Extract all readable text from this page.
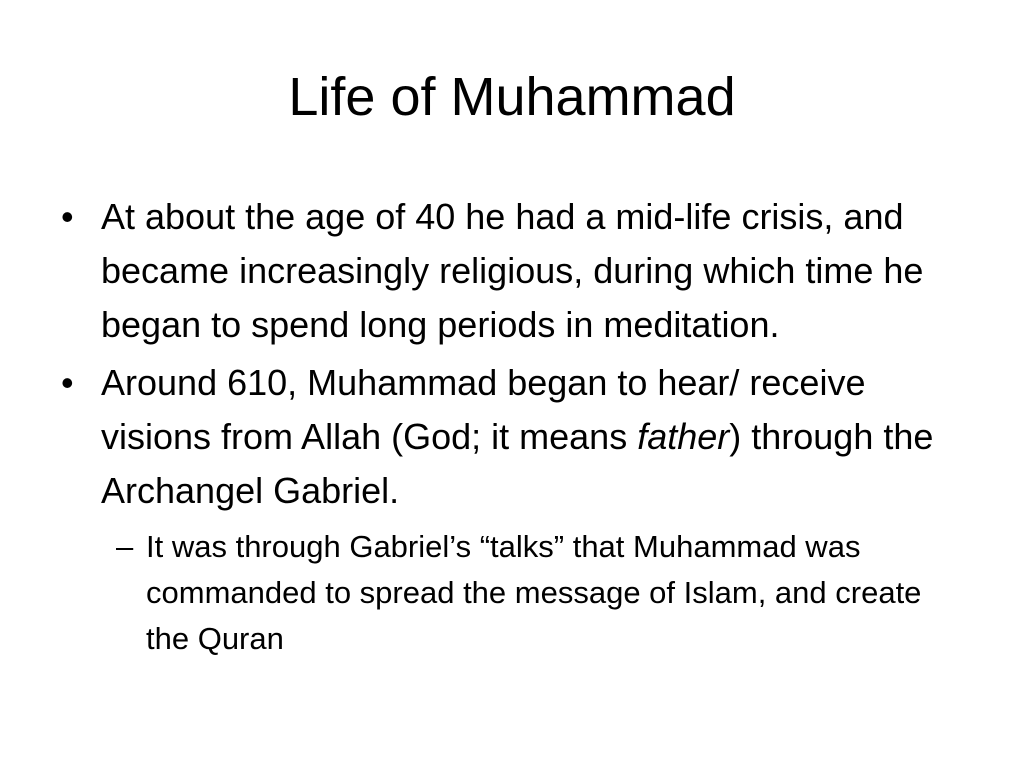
Life of Muhammad
• At about the age of 40 he had a mid-life crisis, and became increasingly religious, during which time he began to spend long periods in meditation.
• Around 610, Muhammad began to hear/ receive visions from Allah (God; it means father) through the Archangel Gabriel.
– It was through Gabriel’s “talks” that Muhammad was commanded to spread the message of Islam, and create the Quran
